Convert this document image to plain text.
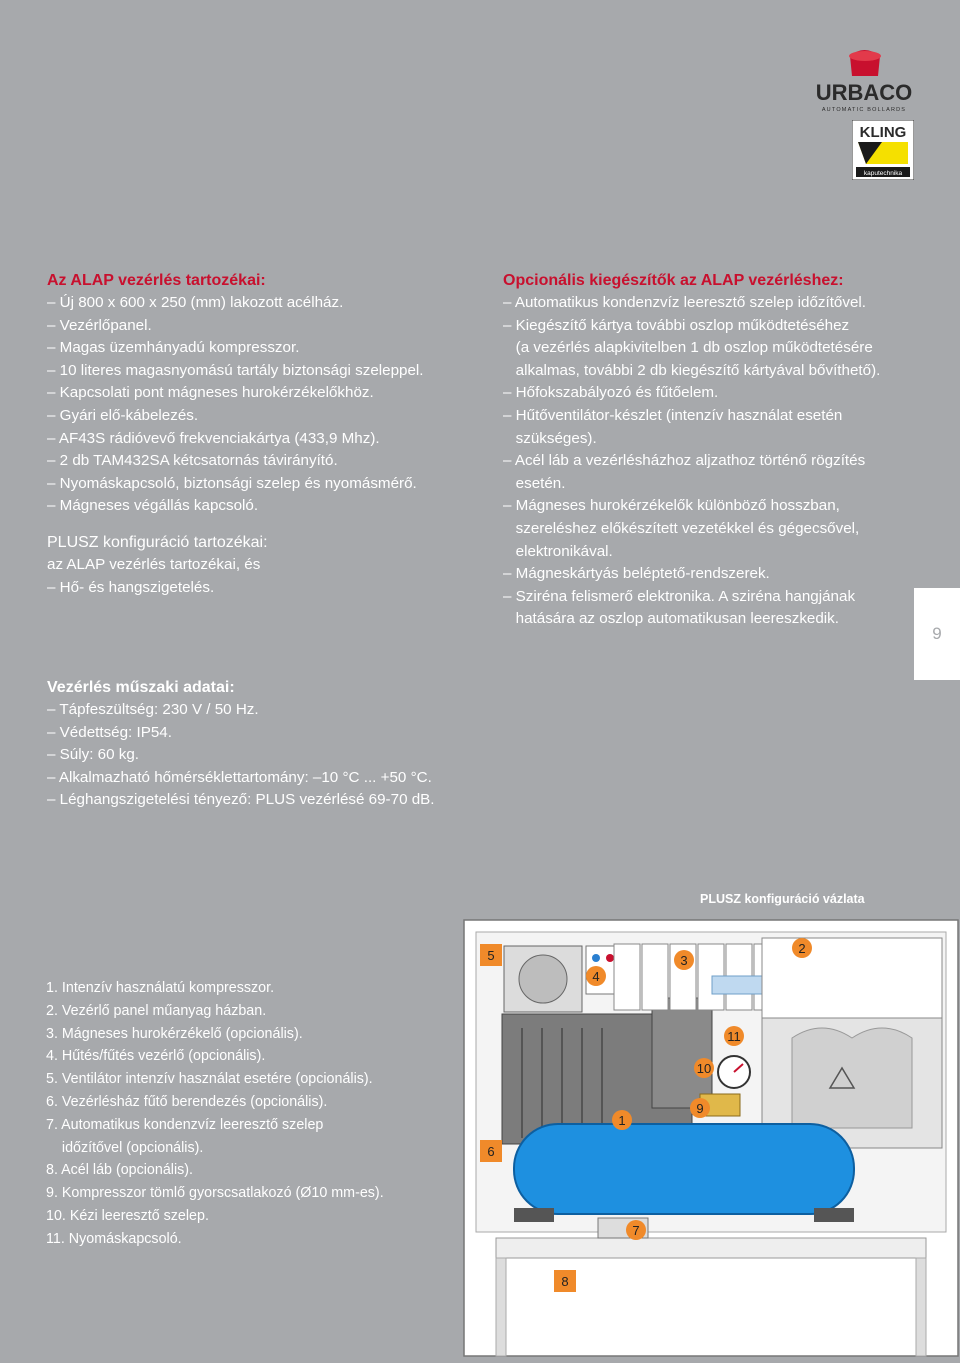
URBACO
AUTOMATIC BOLLARDS
KLING
kaputechnika

Az ALAP vezérlés tartozékai:

– Új 800 x 600 x 250 (mm) lakozott acélház.
– Vezérlőpanel.
– Magas üzemhányadú kompresszor.
– 10 literes magasnyomású tartály biztonsági szeleppel.
– Kapcsolati pont mágneses hurokérzékelőkhöz.
– Gyári elő-kábelezés.
– AF43S rádióvevő frekvenciakártya (433,9 Mhz).
– 2 db TAM432SA kétcsatornás távirányító.
– Nyomáskapcsoló, biztonsági szelep és nyomásmérő.
– Mágneses végállás kapcsoló.

PLUSZ konfiguráció tartozékai:

az ALAP vezérlés tartozékai, és
– Hő- és hangszigetelés.

Opcionális kiegészítők az ALAP vezérléshez:

– Automatikus kondenzvíz leeresztő szelep időzítővel.
– Kiegészítő kártya további oszlop működtetéséhez
(a vezérlés alapkivitelben 1 db oszlop működtetésére
alkalmas, további 2 db kiegészítő kártyával bővíthető).
– Hőfokszabályozó és fűtőelem.
– Hűtőventilátor-készlet (intenzív használat esetén
szükséges).
– Acél láb a vezérlésházhoz aljzathoz történő rögzítés
esetén.
– Mágneses hurokérzékelők különböző hosszban,
szereléshez előkészített vezetékkel és gégecsővel,
elektronikával.
– Mágneskártyás beléptető-rendszerek.
– Sziréna felismerő elektronika. A sziréna hangjának
hatására az oszlop automatikusan leereszkedik.
9

Vezérlés műszaki adatai:

– Tápfeszültség: 230 V / 50 Hz.
– Védettség: IP54.
– Súly: 60 kg.
– Alkalmazható hőmérséklettartomány: –10 °C ... +50 °C.
– Léghangszigetelési tényező: PLUS vezérlésé 69-70 dB.
PLUSZ konfiguráció vázlata
1. Intenzív használatú kompresszor.
2. Vezérlő panel műanyag házban.
3. Mágneses hurokérzékelő (opcionális).
4. Hűtés/fűtés vezérlő (opcionális).
5. Ventilátor intenzív használat esetére (opcionális).
6. Vezérlésház fűtő berendezés (opcionális).
7. Automatikus kondenzvíz leeresztő szelep
időzítővel (opcionális).
8. Acél láb (opcionális).
9. Kompresszor tömlő gyorscsatlakozó (Ø10 mm-es).
10. Kézi leeresztő szelep.
11. Nyomáskapcsoló.
1
2
3
4
5
6
7
8
9
10
11
